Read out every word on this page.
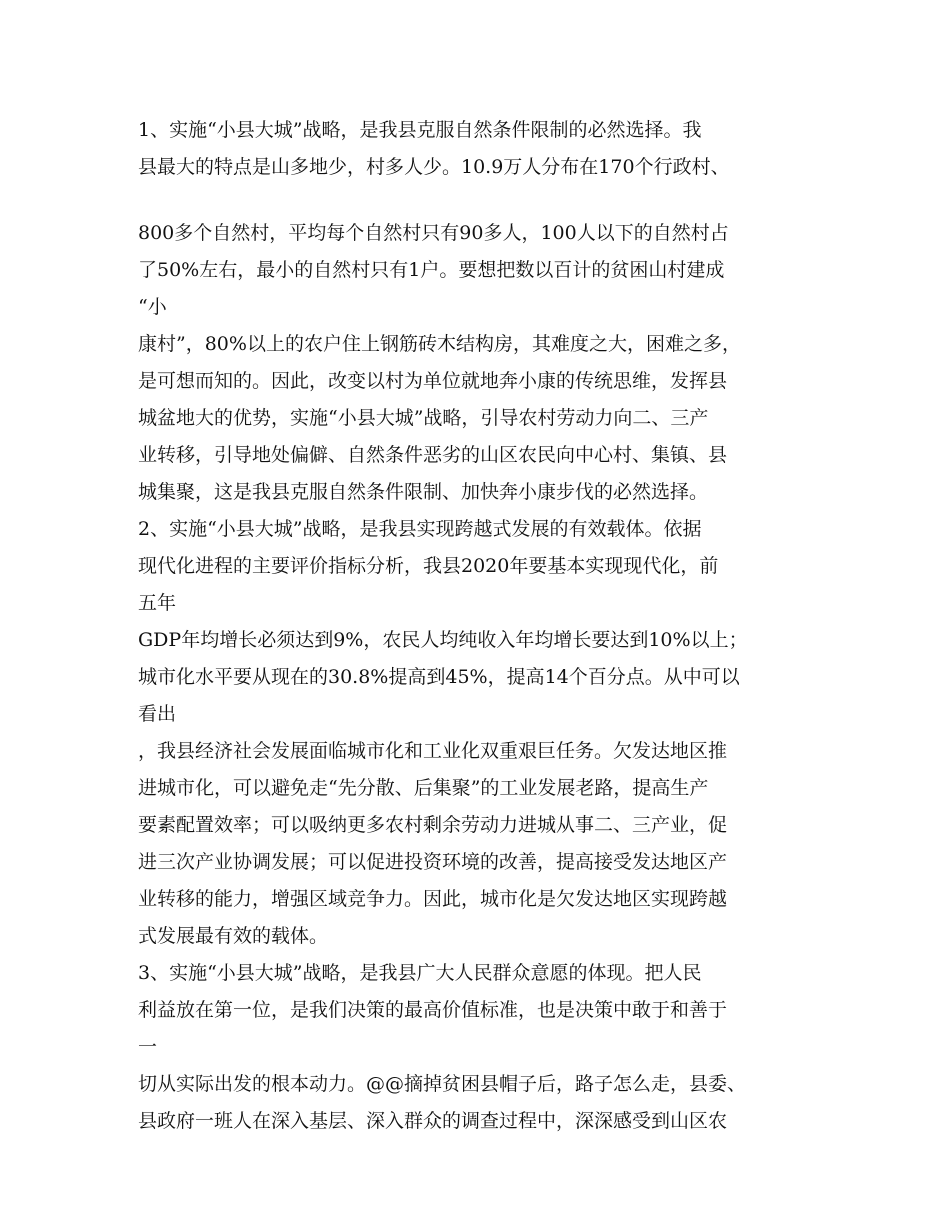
1、实施“小县大城”战略，是我县克服自然条件限制的必然选择。我
县最大的特点是山多地少，村多人少。10.9万人分布在170个行政村、
800多个自然村，平均每个自然村只有90多人，100人以下的自然村占
了50%左右，最小的自然村只有1户。要想把数以百计的贫困山村建成
“小
康村”，80%以上的农户住上钢筋砖木结构房，其难度之大，困难之多，
是可想而知的。因此，改变以村为单位就地奔小康的传统思维，发挥县
城盆地大的优势，实施“小县大城”战略，引导农村劳动力向二、三产
业转移，引导地处偏僻、自然条件恶劣的山区农民向中心村、集镇、县
城集聚，这是我县克服自然条件限制、加快奔小康步伐的必然选择。
2、实施“小县大城”战略，是我县实现跨越式发展的有效载体。依据
现代化进程的主要评价指标分析，我县2020年要基本实现现代化，前
五年
GDP年均增长必须达到9%，农民人均纯收入年均增长要达到10%以上；
城市化水平要从现在的30.8%提高到45%，提高14个百分点。从中可以
看出
，我县经济社会发展面临城市化和工业化双重艰巨任务。欠发达地区推
进城市化，可以避免走“先分散、后集聚”的工业发展老路，提高生产
要素配置效率；可以吸纳更多农村剩余劳动力进城从事二、三产业，促
进三次产业协调发展；可以促进投资环境的改善，提高接受发达地区产
业转移的能力，增强区域竞争力。因此，城市化是欠发达地区实现跨越
式发展最有效的载体。
3、实施“小县大城”战略，是我县广大人民群众意愿的体现。把人民
利益放在第一位，是我们决策的最高价值标准，也是决策中敢于和善于
一
切从实际出发的根本动力。@@摘掉贫困县帽子后，路子怎么走，县委、
县政府一班人在深入基层、深入群众的调查过程中，深深感受到山区农
